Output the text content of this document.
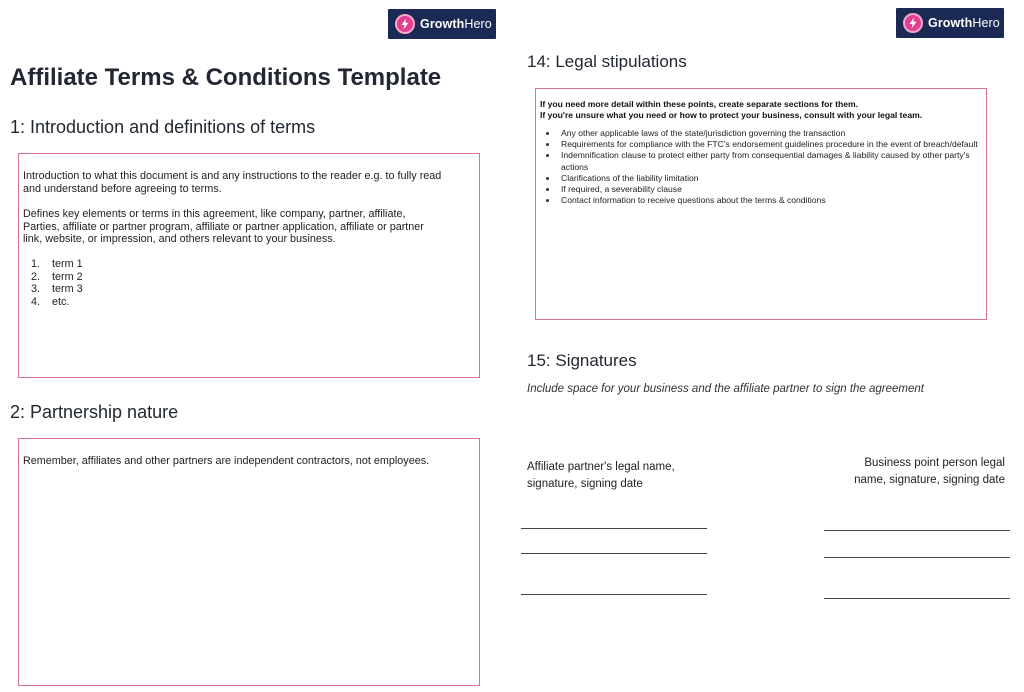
GrowthHero
Affiliate Terms & Conditions Template
1: Introduction and definitions of terms

Introduction to what this document is and any instructions to the reader e.g. to fully read and understand before agreeing to terms.

Defines key elements or terms in this agreement, like company, partner, affiliate, Parties, affiliate or partner program, affiliate or partner application, affiliate or partner link, website, or impression, and others relevant to your business.

1.	term 1
2.	term 2
3.	term 3
4.	etc.
2: Partnership nature

Remember, affiliates and other partners are independent contractors, not employees.

GrowthHero
14: Legal stipulations
If you need more detail within these points, create separate sections for them.
If you're unsure what you need or how to protect your business, consult with your legal team.
Any other applicable laws of the state/jurisdiction governing the transaction
Requirements for compliance with the FTC's endorsement guidelines procedure in the event of breach/default
Indemnification clause to protect either party from consequential damages & liability caused by other party's actions
Clarifications of the liability limitation
If required, a severability clause
Contact information to receive questions about the terms & conditions
15: Signatures
Include space for your business and the affiliate partner to sign the agreement
Affiliate partner's legal name,
signature, signing date
Business point person legal
name, signature, signing date
